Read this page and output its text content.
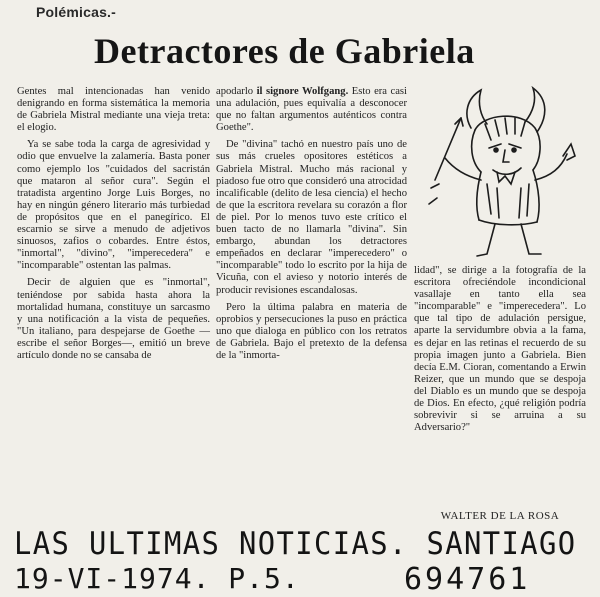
Polémicas.-
Detractores de Gabriela

Gentes mal intencionadas han venido denigrando en forma sistemática la memoria de Gabriela Mistral mediante una vieja treta: el elogio.

Ya se sabe toda la carga de agresividad y odio que envuelve la zalamería. Basta poner como ejemplo los "cuidados del sacristán que mataron al señor cura". Según el tratadista argentino Jorge Luis Borges, no hay en ningún género literario más turbiedad de propósitos que en el panegírico. El escarnio se sirve a menudo de adjetivos sinuosos, zafios o cobardes. Entre éstos, "inmortal", "divino", "imperecedera" e "incomparable" ostentan las palmas.

Decir de alguien que es "inmortal", teniéndose por sabida hasta ahora la mortalidad humana, constituye un sarcasmo y una notificación a la vista de pequeñes. "Un italiano, para despejarse de Goethe —escribe el señor Borges—, emitió un breve artículo donde no se cansaba de

apodarlo il signore Wolfgang. Esto era casi una adulación, pues equivalía a desconocer que no faltan argumentos auténticos contra Goethe".

De "divina" tachó en nuestro país uno de sus más crueles opositores estéticos a Gabriela Mistral. Mucho más racional y piadoso fue otro que consideró una atrocidad incalificable (delito de lesa ciencia) el hecho de que la escritora revelara su corazón a flor de piel. Por lo menos tuvo este crítico el buen tacto de no llamarla "divina". Sin embargo, abundan los detractores empeñados en declarar "imperecedero" o "incomparable" todo lo escrito por la hija de Vicuña, con el avieso y notorio interés de producir revisiones escandalosas.

Pero la última palabra en materia de oprobios y persecuciones la puso en práctica uno que dialoga en público con los retratos de Gabriela. Bajo el pretexto de la defensa de la "inmorta-

lidad", se dirige a la fotografía de la escritora ofreciéndole incondicional vasallaje en tanto ella sea "incomparable" e "imperecedera". Lo que tal tipo de adulación persigue, aparte la servidumbre obvia a la fama, es dejar en las retinas el recuerdo de su propia imagen junto a Gabriela. Bien decía E.M. Cioran, comentando a Erwin Reizer, que un mundo que se despoja del Diablo es un mundo que se despoja de Dios. En efecto, ¿qué religión podría sobrevivir si se arruina a su Adversario?"

WALTER DE LA ROSA
LAS ULTIMAS NOTICIAS. SANTIAGO
19-VI-1974. P.5.	694761
